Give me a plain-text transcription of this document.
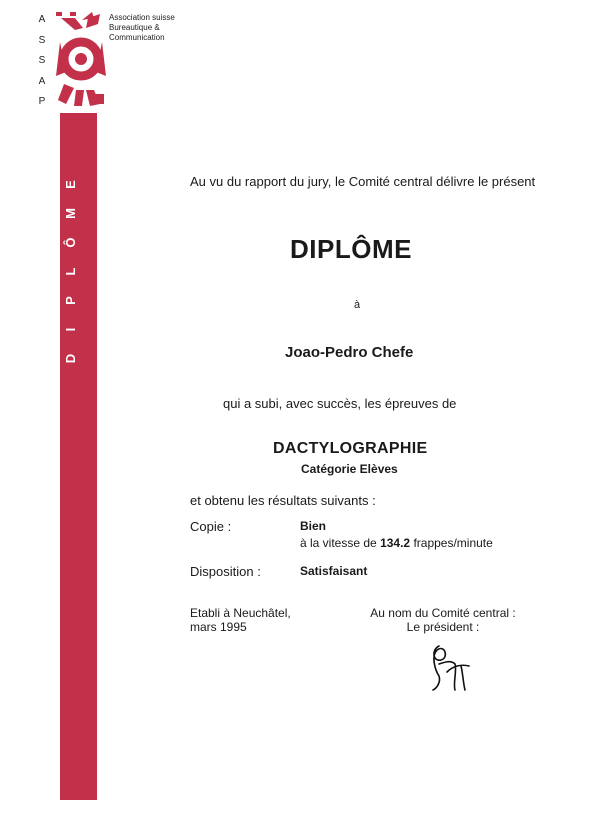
A
S
S
A
P
Association suisse
Bureautique &
Communication
E
M
Ô
L
P
I
D
Au vu du rapport du jury, le Comité central délivre le présent
DIPLÔME
à
Joao-Pedro Chefe
qui a subi, avec succès, les épreuves de
DACTYLOGRAPHIE
Catégorie Elèves
et obtenu les résultats suivants :
Copie :	Bien
à la vitesse de 134.2 frappes/minute
Disposition :	Satisfaisant
Etabli à Neuchâtel,
mars 1995
Au nom du Comité central :
Le président :
